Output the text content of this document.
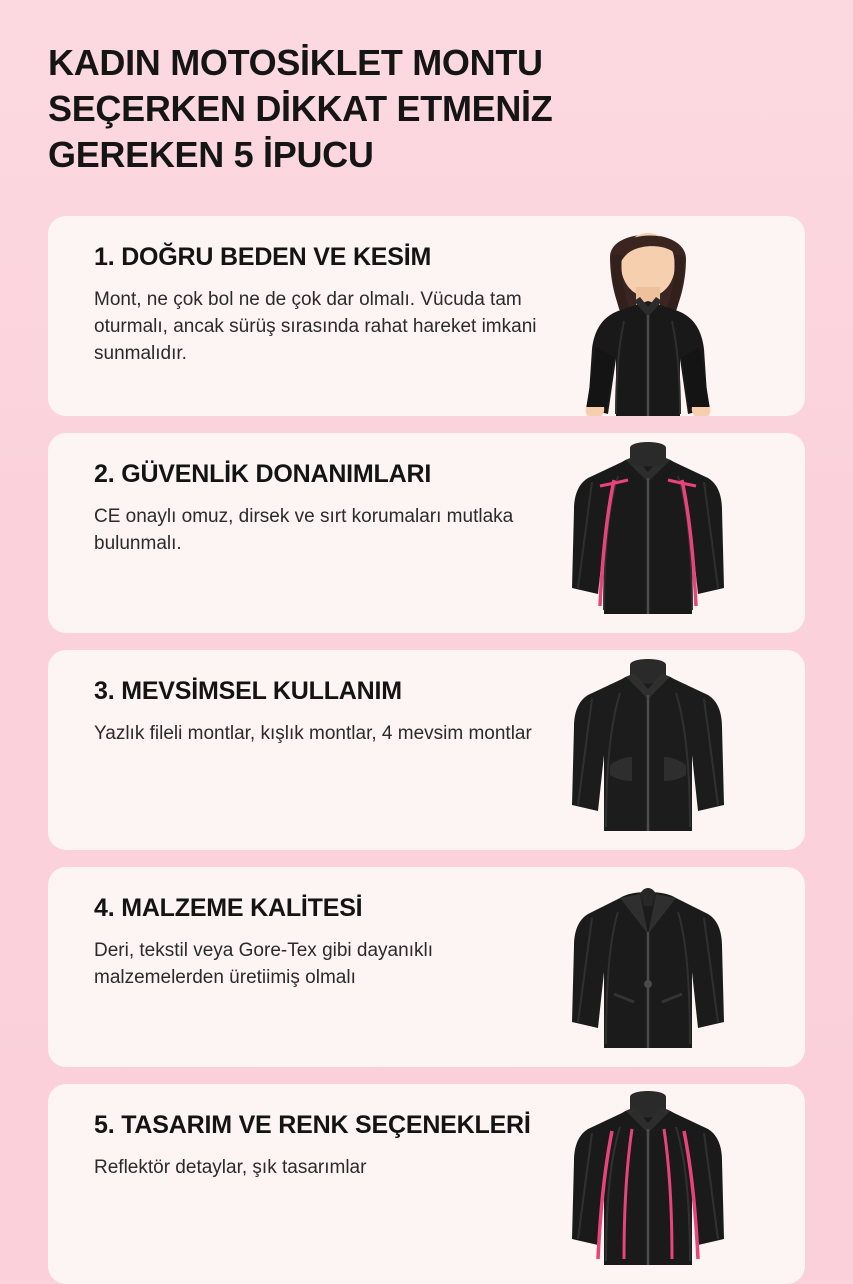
KADIN MOTOSİKLET MONTU SEÇERKEN DİKKAT ETMENİZ GEREKEN 5 İPUCU
1. DOĞRU BEDEN VE KESİM
Mont, ne çok bol ne de çok dar olmalı. Vücuda tam oturmalı, ancak sürüş sırasında rahat hareket imkani sunmalıdır.
2. GÜVENLİK DONANIMLARI
CE onaylı omuz, dirsek ve sırt korumaları mutlaka bulunmalı.
3. MEVSİMSEL KULLANIM
Yazlık fileli montlar, kışlık montlar, 4 mevsim montlar
4. MALZEME KALİTESİ
Deri, tekstil veya Gore-Tex gibi dayanıklı malzemelerden üretiimiş olmalı
5. TASARIM VE RENK SEÇENEKLERİ
Reflektör detaylar, şık tasarımlar
